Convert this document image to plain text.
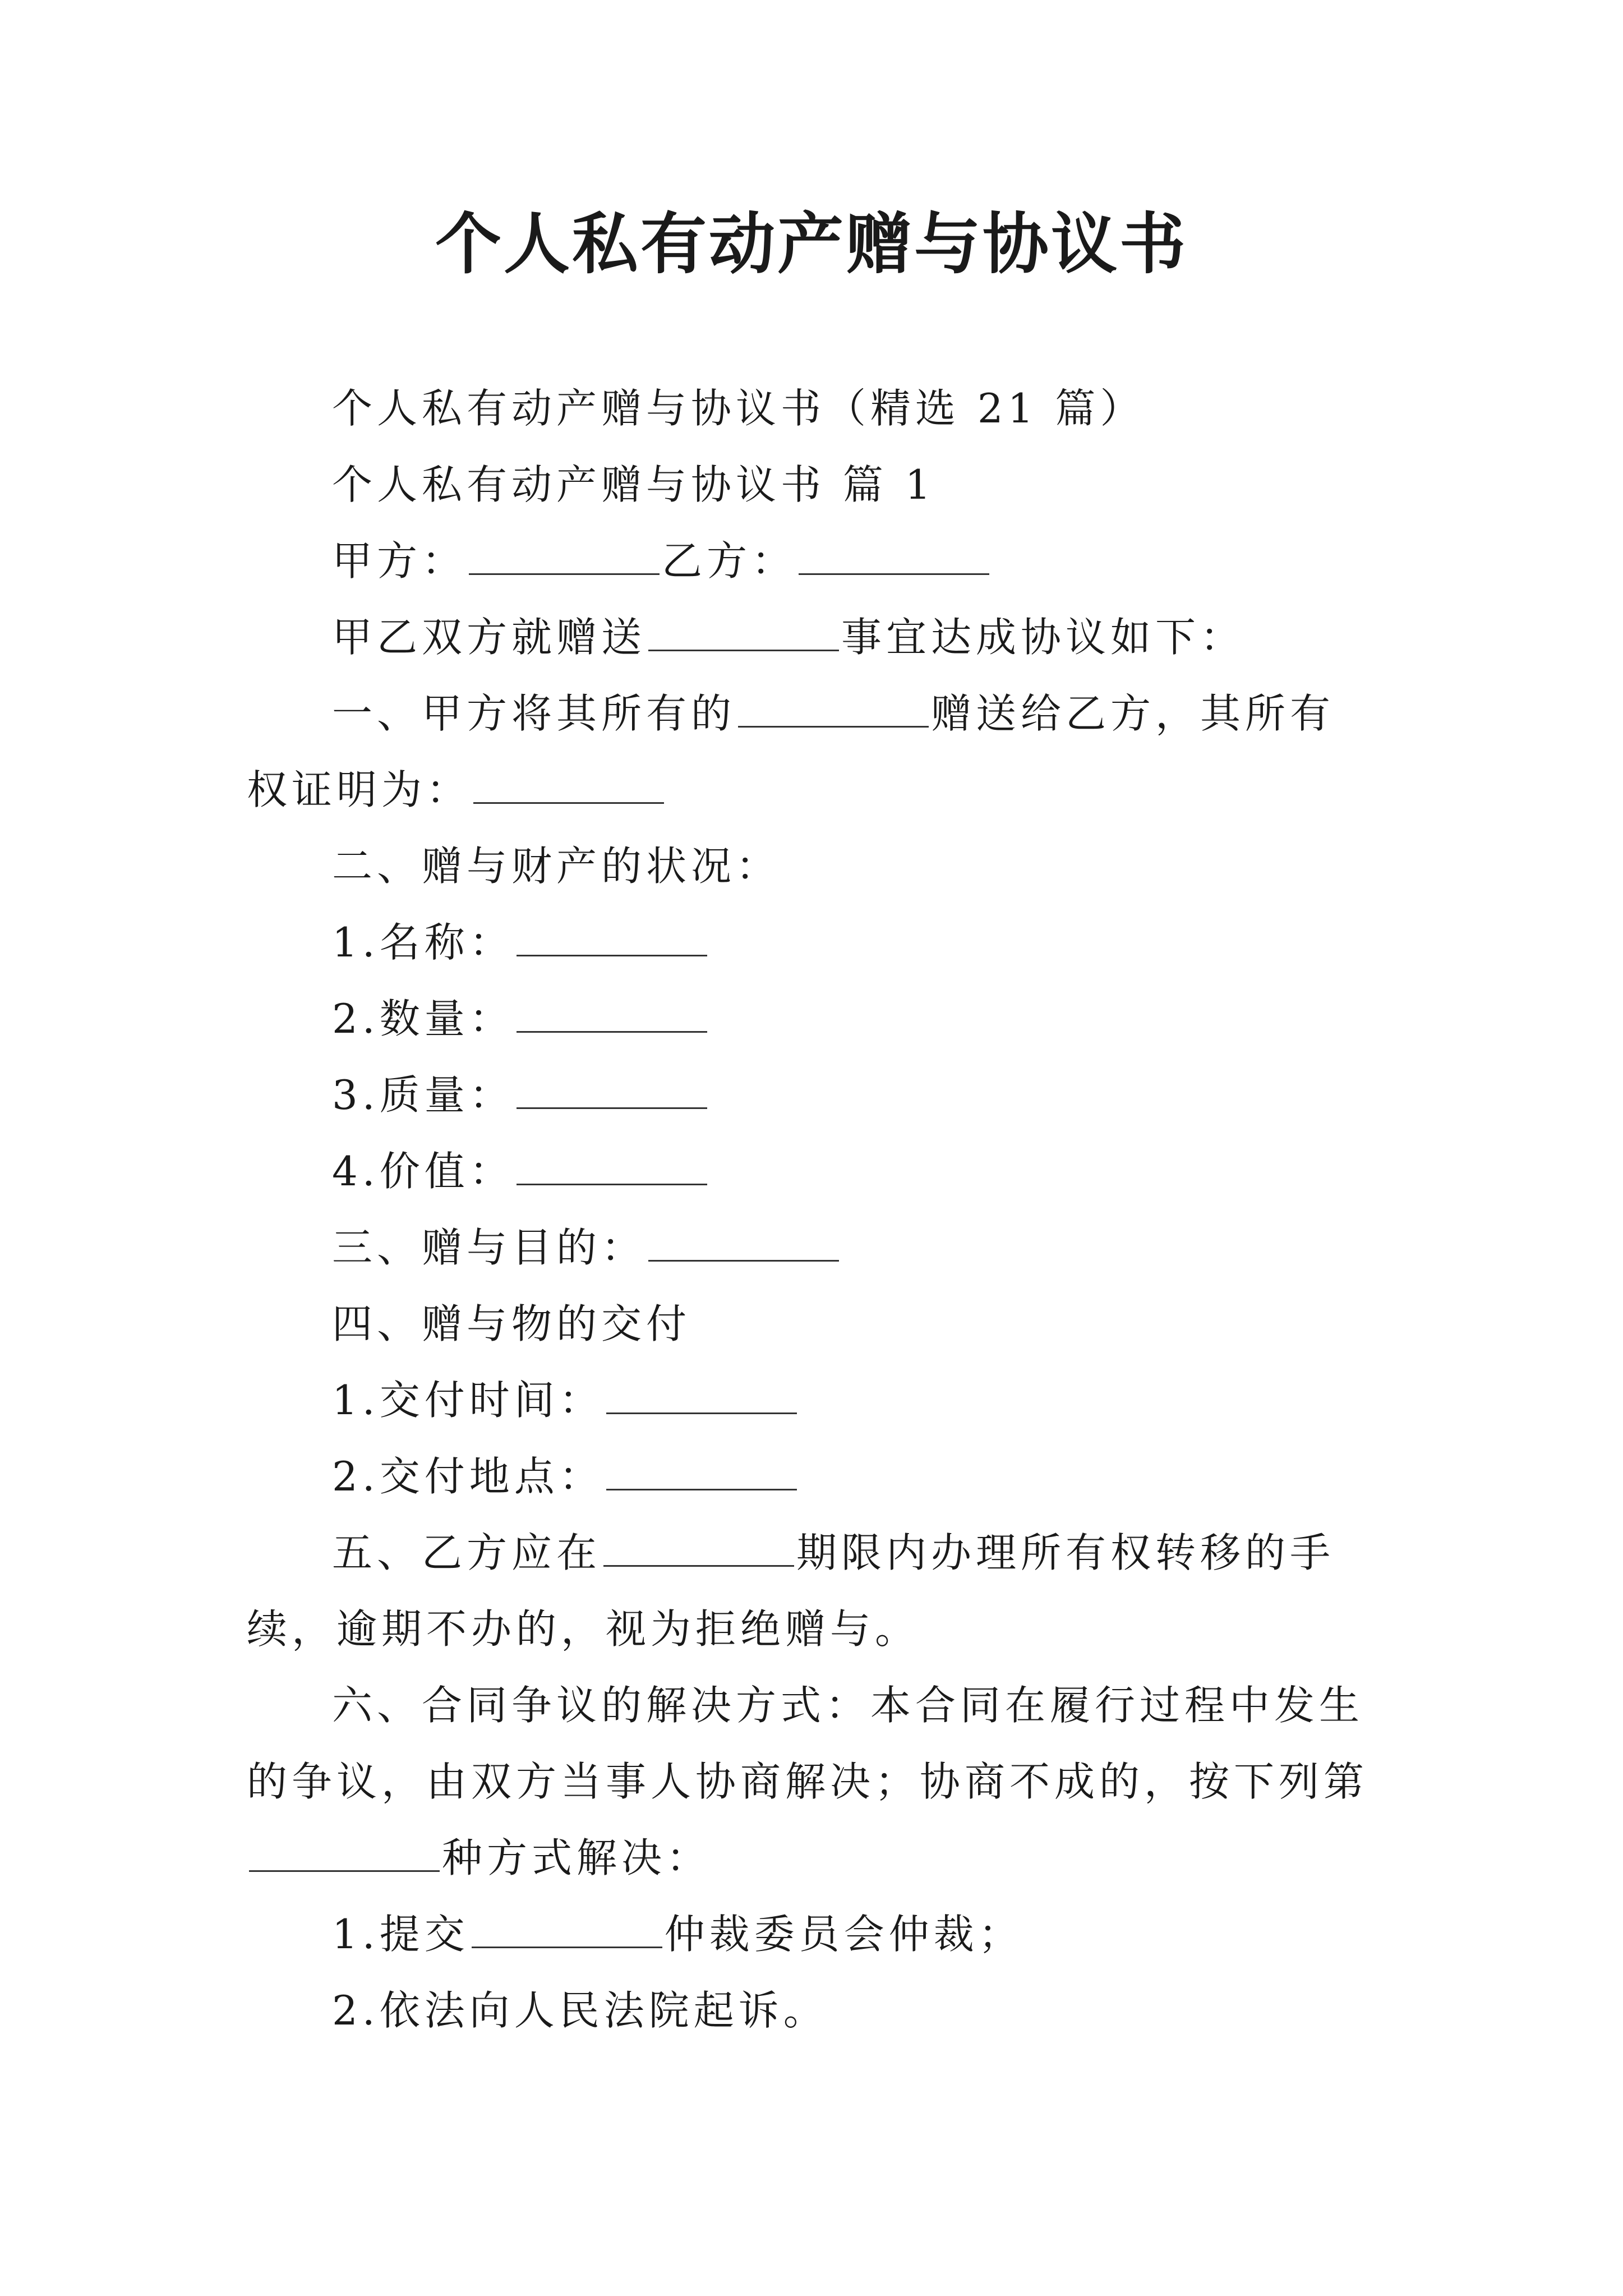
个人私有动产赠与协议书

个人私有动产赠与协议书（精选 21 篇）

个人私有动产赠与协议书 篇 1

甲方：	乙方：

甲乙双方就赠送	事宜达成协议如下：

一、甲方将其所有的	赠送给乙方，其所有权证明为：

二、赠与财产的状况：

1.名称：

2.数量：

3.质量：

4.价值：

三、赠与目的：

四、赠与物的交付

1.交付时间：

2.交付地点：

五、乙方应在	期限内办理所有权转移的手续，逾期不办的，视为拒绝赠与。

六、合同争议的解决方式：本合同在履行过程中发生的争议，由双方当事人协商解决；协商不成的，按下列第种方式解决：

1.提交	仲裁委员会仲裁；

2.依法向人民法院起诉。
